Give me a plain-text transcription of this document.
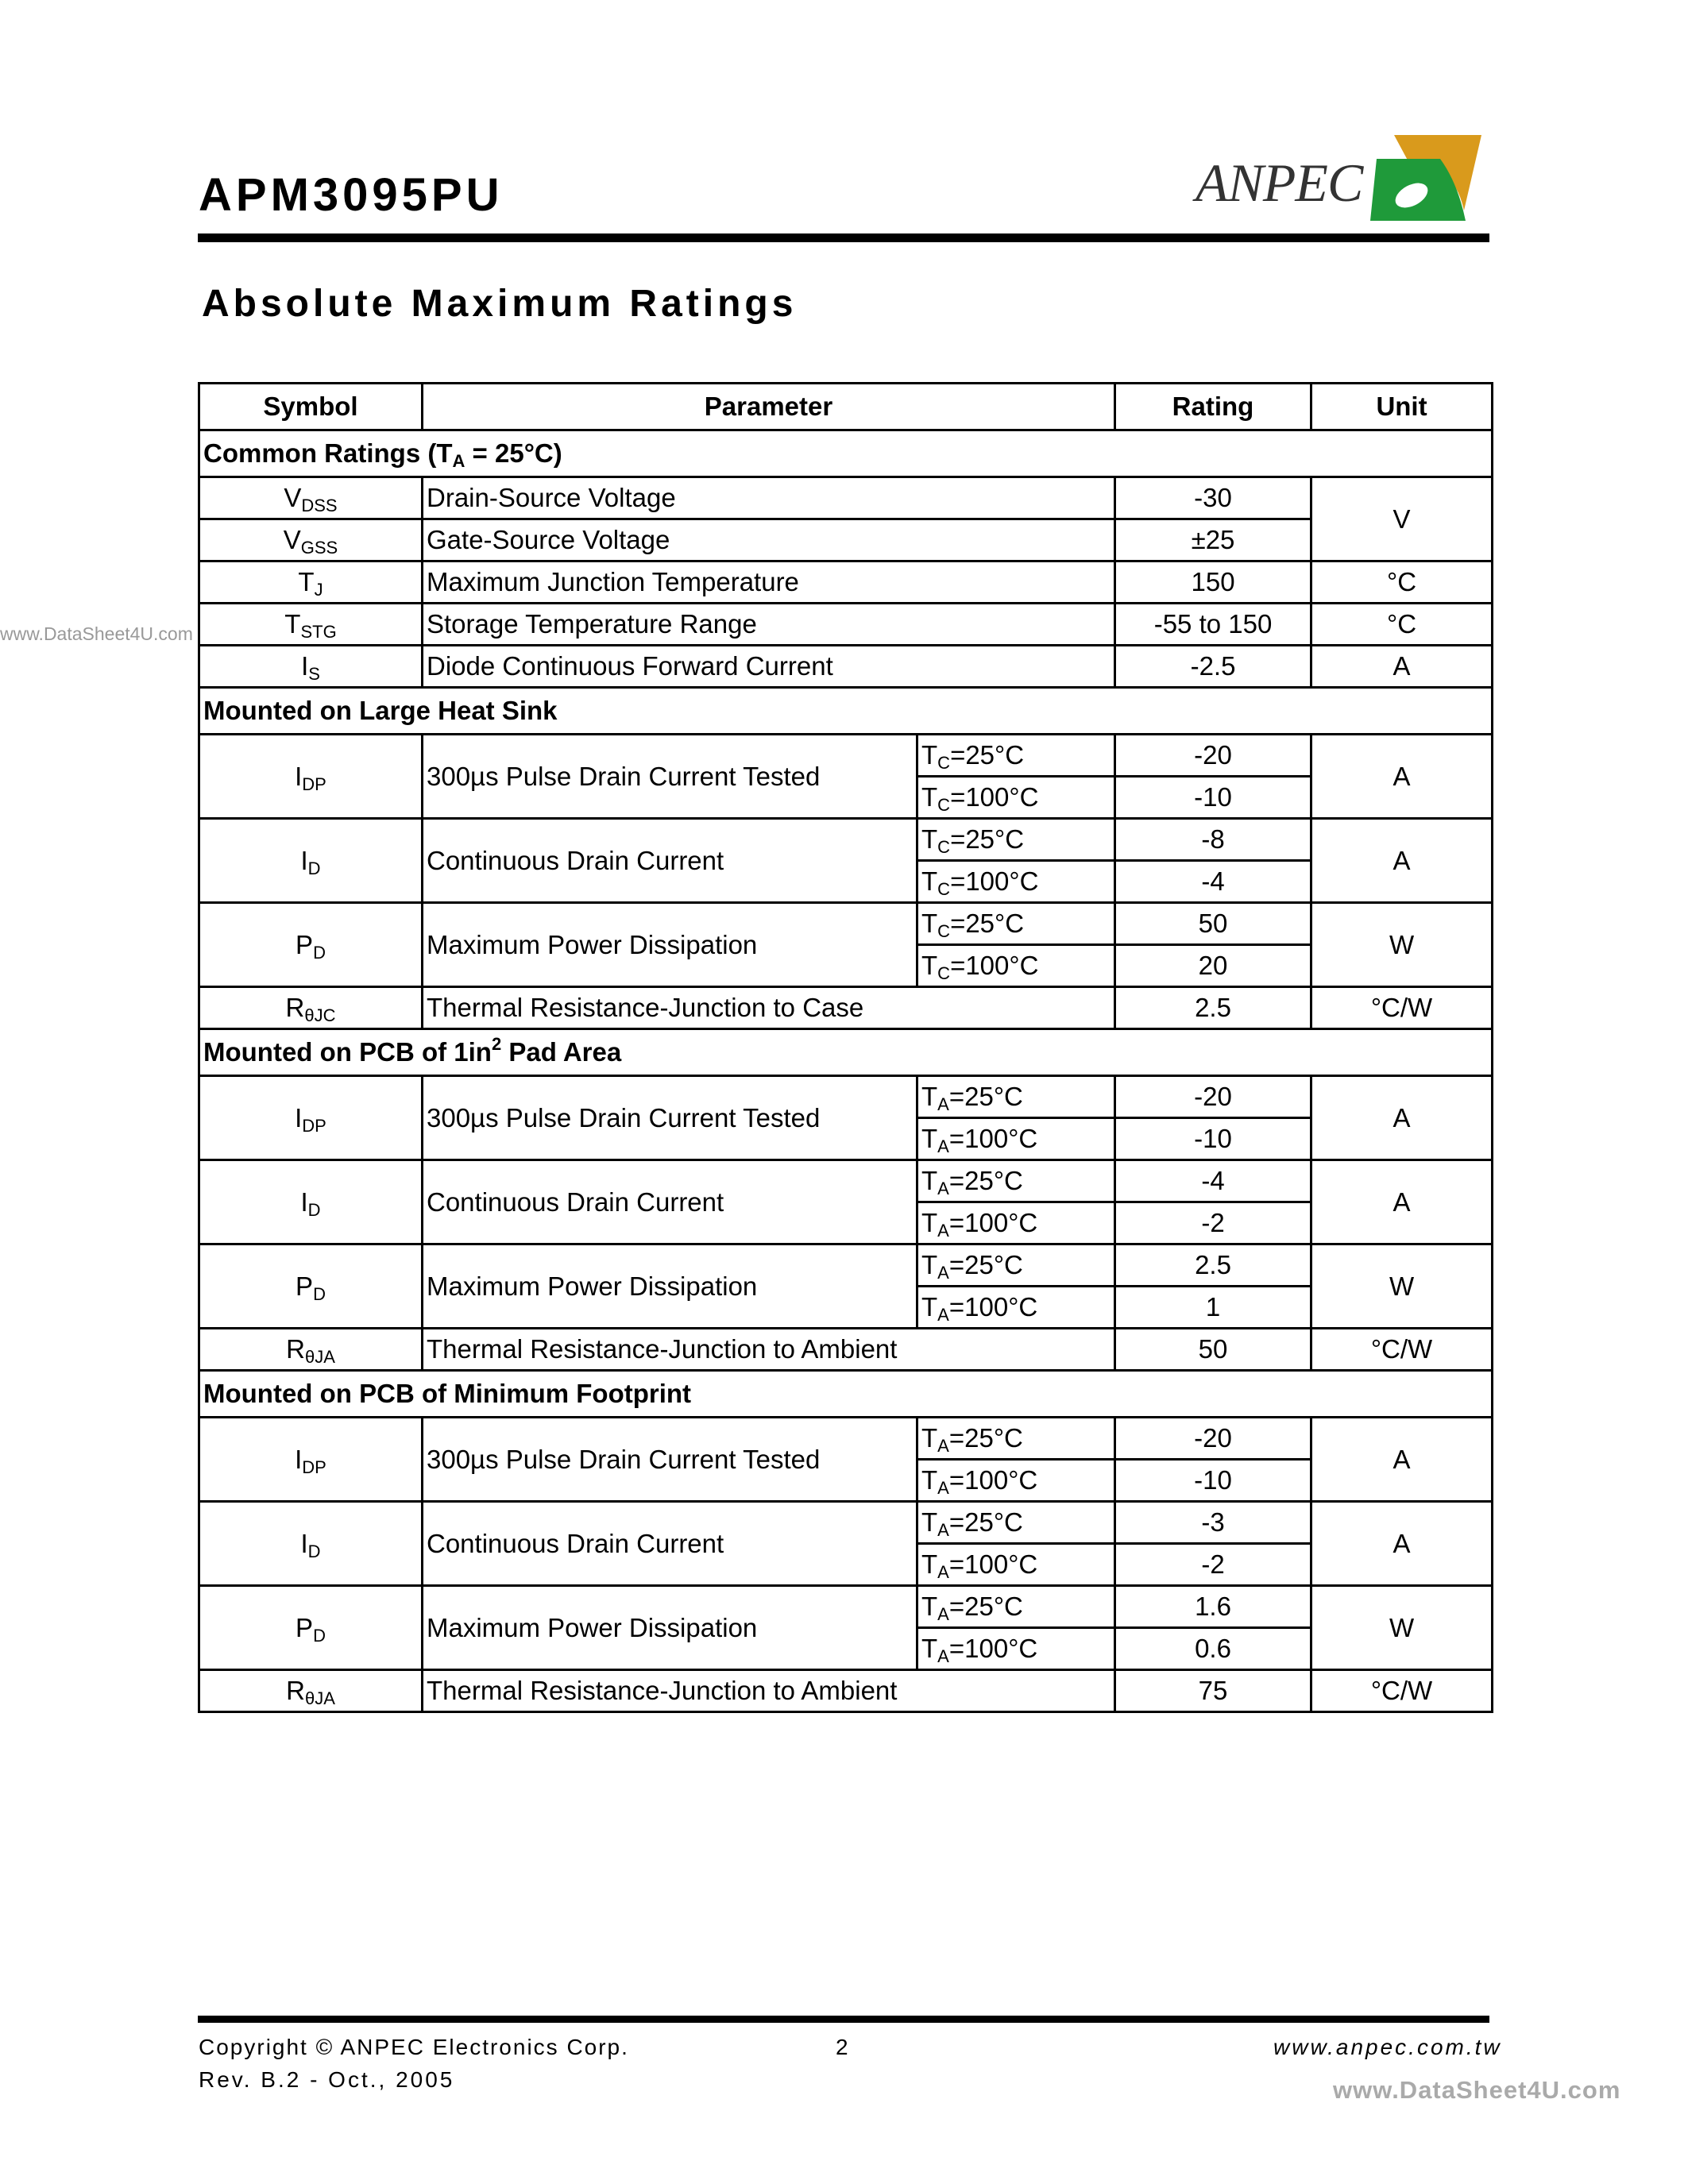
APM3095PU	ANPEC
Absolute Maximum Ratings
www.DataSheet4U.com
Symbol	Parameter		Rating	Unit
Common Ratings $(T_A = 25^\circ C)$				
$V_{DSS}$	Drain-Source Voltage		-30	V
$V_{GSS}$	Gate-Source Voltage		±25	
$T_J$	Maximum Junction Temperature		150	°C
$T_{STG}$	Storage Temperature Range		-55 to 150	°C
$I_S$	Diode Continuous Forward Current		-2.5	A
Mounted on Large Heat Sink				
$I_{DP}$	300µs Pulse Drain Current Tested	$T_C=25^\circ C$	-20	A
		$T_C=100^\circ C$	-10	
$I_D$	Continuous Drain Current	$T_C=25^\circ C$	-8	A
		$T_C=100^\circ C$	-4	
$P_D$	Maximum Power Dissipation	$T_C=25^\circ C$	50	W
		$T_C=100^\circ C$	20	
$R_{\theta JC}$	Thermal Resistance-Junction to Case		2.5	°C/W
Mounted on PCB of $1in^2$ Pad Area				
$I_{DP}$	300µs Pulse Drain Current Tested	$T_A=25^\circ C$	-20	A
		$T_A=100^\circ C$	-10	
$I_D$	Continuous Drain Current	$T_A=25^\circ C$	-4	A
		$T_A=100^\circ C$	-2	
$P_D$	Maximum Power Dissipation	$T_A=25^\circ C$	2.5	W
		$T_A=100^\circ C$	1	
$R_{\theta JA}$	Thermal Resistance-Junction to Ambient		50	°C/W
Mounted on PCB of Minimum Footprint				
$I_{DP}$	300µs Pulse Drain Current Tested	$T_A=25^\circ C$	-20	A
		$T_A=100^\circ C$	-10	
$I_D$	Continuous Drain Current	$T_A=25^\circ C$	-3	A
		$T_A=100^\circ C$	-2	
$P_D$	Maximum Power Dissipation	$T_A=25^\circ C$	1.6	W
		$T_A=100^\circ C$	0.6	
$R_{\theta JA}$	Thermal Resistance-Junction to Ambient		75	°C/W
Copyright © ANPEC Electronics Corp.
Rev. B.2 - Oct., 2005
2	www.anpec.com.tw
www.DataSheet4U.com
